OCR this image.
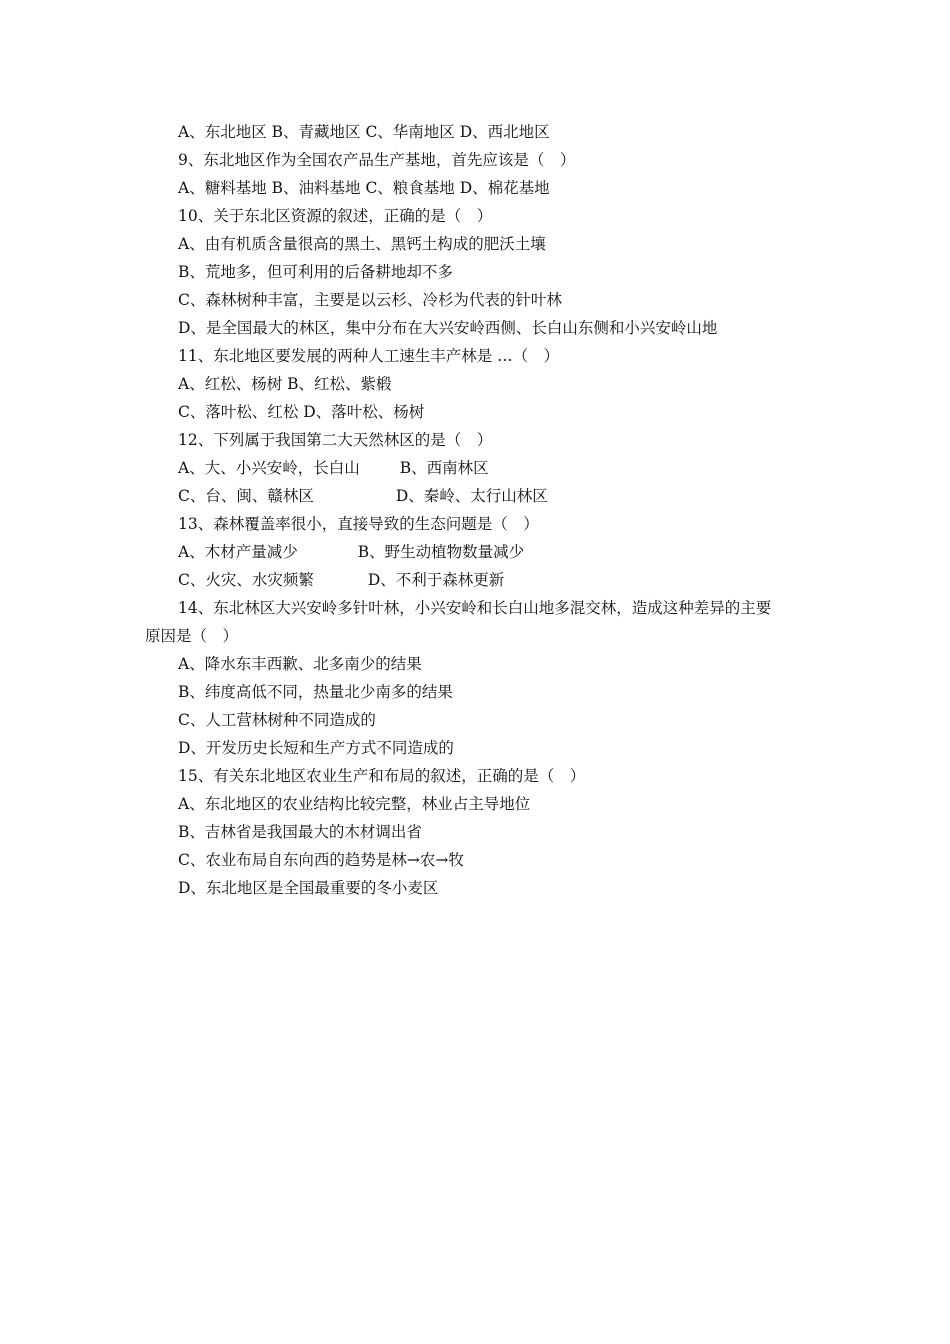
A、东北地区 B、青藏地区 C、华南地区 D、西北地区
9、东北地区作为全国农产品生产基地，首先应该是（　）
A、糖料基地 B、油料基地 C、粮食基地 D、棉花基地
10、关于东北区资源的叙述，正确的是（　）
A、由有机质含量很高的黑土、黑钙土构成的肥沃土壤
B、荒地多，但可利用的后备耕地却不多
C、森林树种丰富，主要是以云杉、冷杉为代表的针叶林
D、是全国最大的林区，集中分布在大兴安岭西侧、长白山东侧和小兴安岭山地
11、东北地区要发展的两种人工速生丰产林是 …（　）
A、红松、杨树 B、红松、紫椴
C、落叶松、红松 D、落叶松、杨树
12、下列属于我国第二大天然林区的是（　）
A、大、小兴安岭，长白山	B、西南林区
C、台、闽、赣林区	D、秦岭、太行山林区
13、森林覆盖率很小，直接导致的生态问题是（　）
A、木材产量减少	B、野生动植物数量减少
C、火灾、水灾频繁	D、不利于森林更新
14、东北林区大兴安岭多针叶林，小兴安岭和长白山地多混交林，造成这种差异的主要
原因是（　）
A、降水东丰西歉、北多南少的结果
B、纬度高低不同，热量北少南多的结果
C、人工营林树种不同造成的
D、开发历史长短和生产方式不同造成的
15、有关东北地区农业生产和布局的叙述，正确的是（　）
A、东北地区的农业结构比较完整，林业占主导地位
B、吉林省是我国最大的木材调出省
C、农业布局自东向西的趋势是林→农→牧
D、东北地区是全国最重要的冬小麦区
